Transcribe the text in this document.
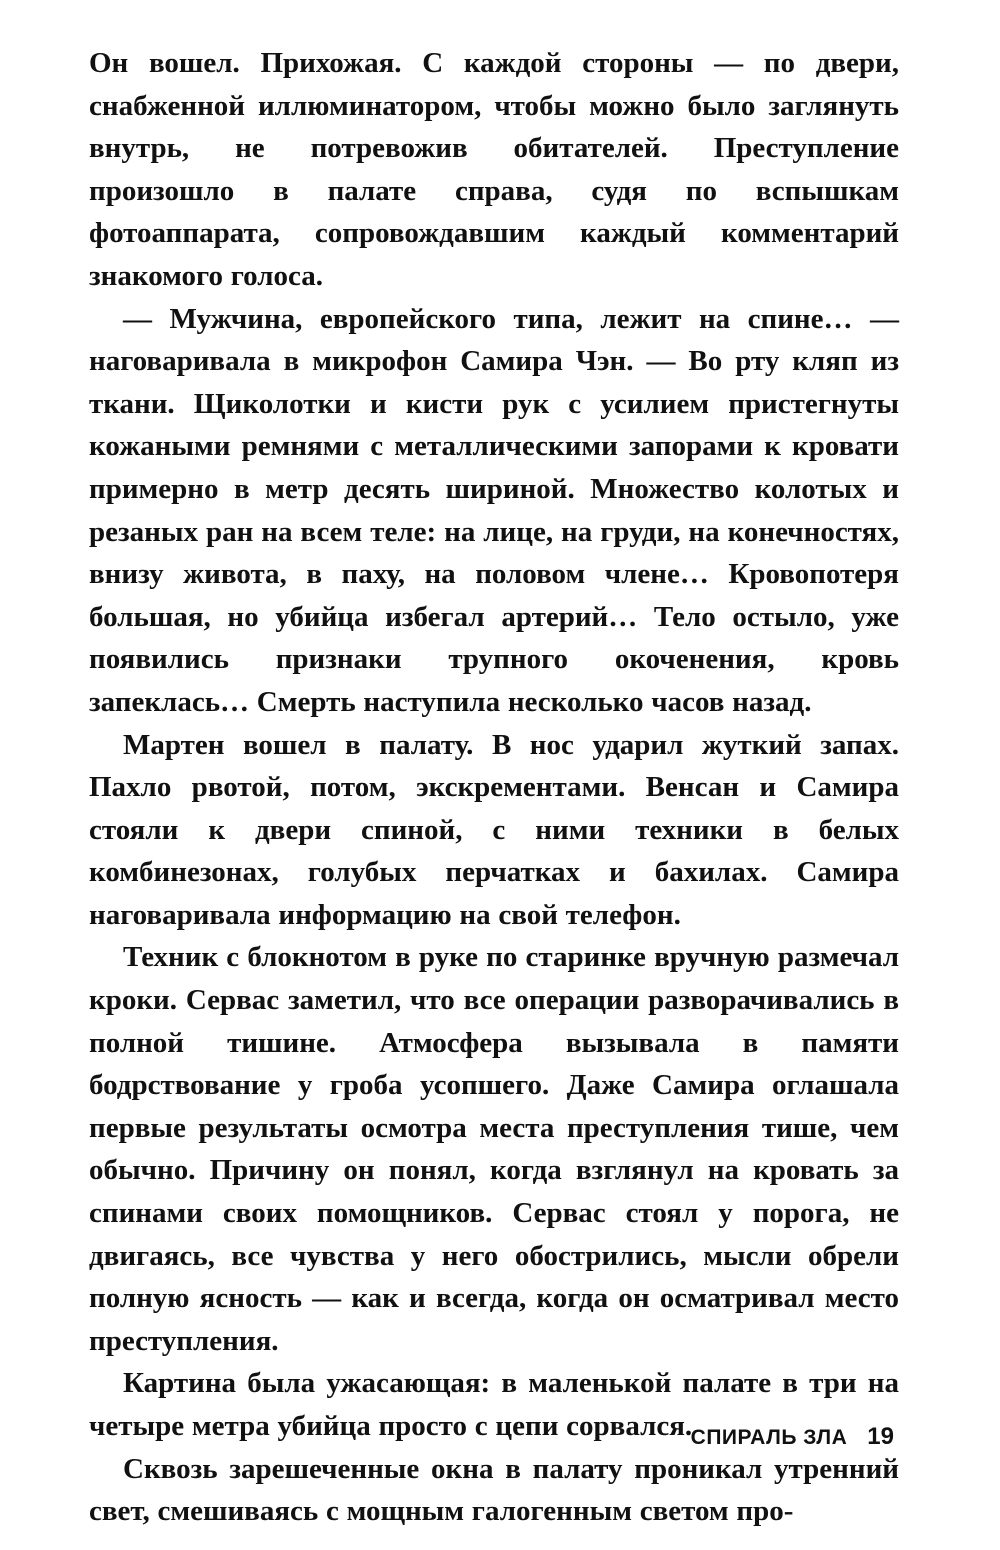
Он вошел. Прихожая. С каждой стороны — по двери, снабженной иллюминатором, чтобы можно было заглянуть внутрь, не потревожив обитателей. Преступление произошло в палате справа, судя по вспышкам фотоаппарата, сопровождавшим каждый комментарий знакомого голоса.

— Мужчина, европейского типа, лежит на спине… — наговаривала в микрофон Самира Чэн. — Во рту кляп из ткани. Щиколотки и кисти рук с усилием пристегнуты кожаными ремнями с металлическими запорами к кровати примерно в метр десять шириной. Множество колотых и резаных ран на всем теле: на лице, на груди, на конечностях, внизу живота, в паху, на половом члене… Кровопотеря большая, но убийца избегал артерий… Тело остыло, уже появились признаки трупного окоченения, кровь запеклась… Смерть наступила несколько часов назад.

Мартен вошел в палату. В нос ударил жуткий запах. Пахло рвотой, потом, экскрементами. Венсан и Самира стояли к двери спиной, с ними техники в белых комбинезонах, голубых перчатках и бахилах. Самира наговаривала информацию на свой телефон.

Техник с блокнотом в руке по старинке вручную размечал кроки. Сервас заметил, что все операции разворачивались в полной тишине. Атмосфера вызывала в памяти бодрствование у гроба усопшего. Даже Самира оглашала первые результаты осмотра места преступления тише, чем обычно. Причину он понял, когда взглянул на кровать за спинами своих помощников. Сервас стоял у порога, не двигаясь, все чувства у него обострились, мысли обрели полную ясность — как и всегда, когда он осматривал место преступления.

Картина была ужасающая: в маленькой палате в три на четыре метра убийца просто с цепи сорвался.

Сквозь зарешеченные окна в палату проникал утренний свет, смешиваясь с мощным галогенным светом про-

СПИРАЛЬ ЗЛА 19
